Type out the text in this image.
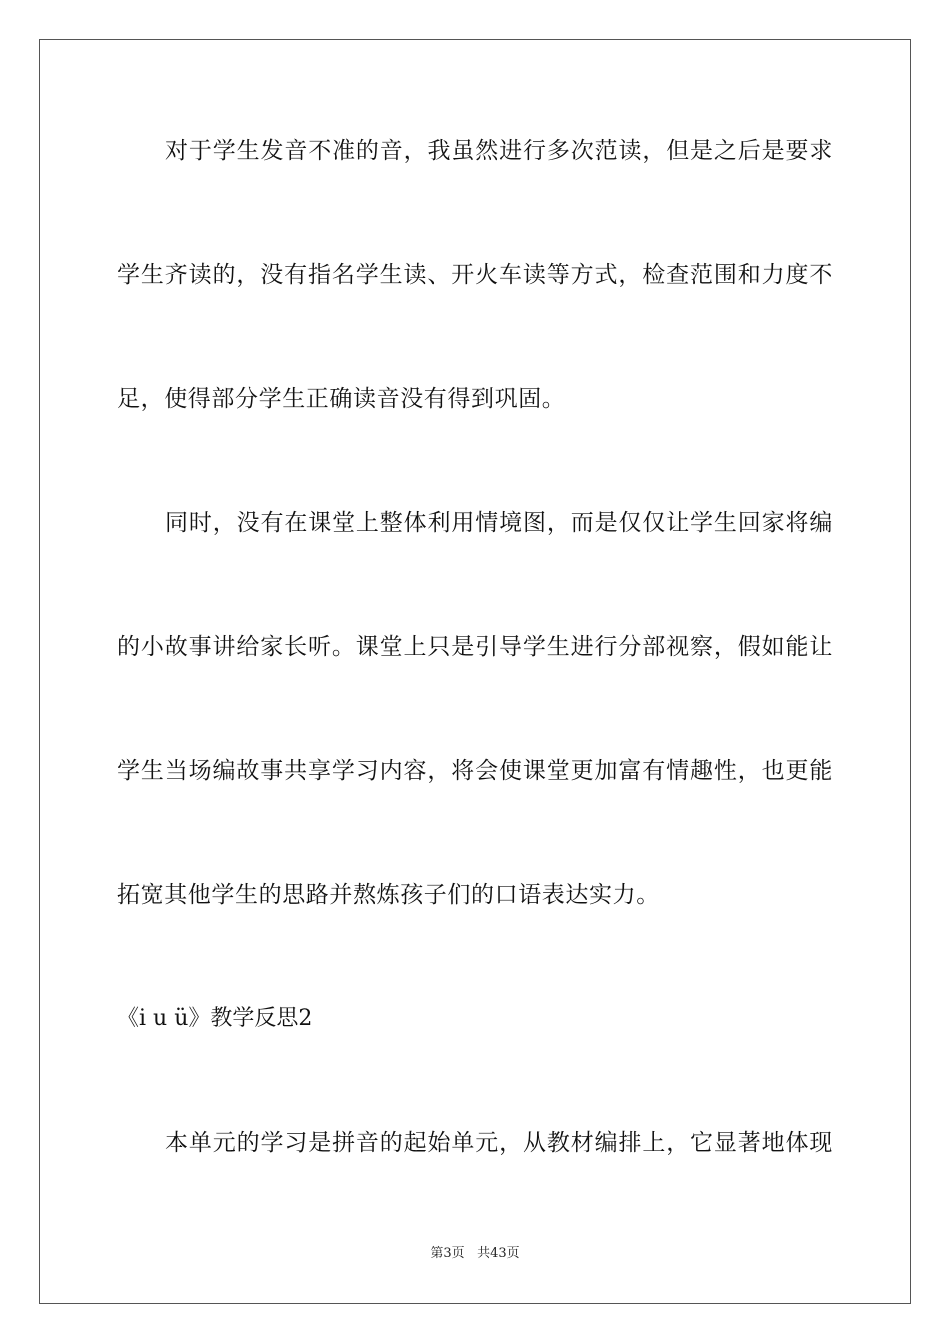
对于学生发音不准的音，我虽然进行多次范读，但是之后是要求
学生齐读的，没有指名学生读、开火车读等方式，检查范围和力度不
足，使得部分学生正确读音没有得到巩固。
同时，没有在课堂上整体利用情境图，而是仅仅让学生回家将编
的小故事讲给家长听。课堂上只是引导学生进行分部视察，假如能让
学生当场编故事共享学习内容，将会使课堂更加富有情趣性，也更能
拓宽其他学生的思路并熬炼孩子们的口语表达实力。
《i u ü》教学反思2
本单元的学习是拼音的起始单元，从教材编排上，它显著地体现
第3页 共43页
